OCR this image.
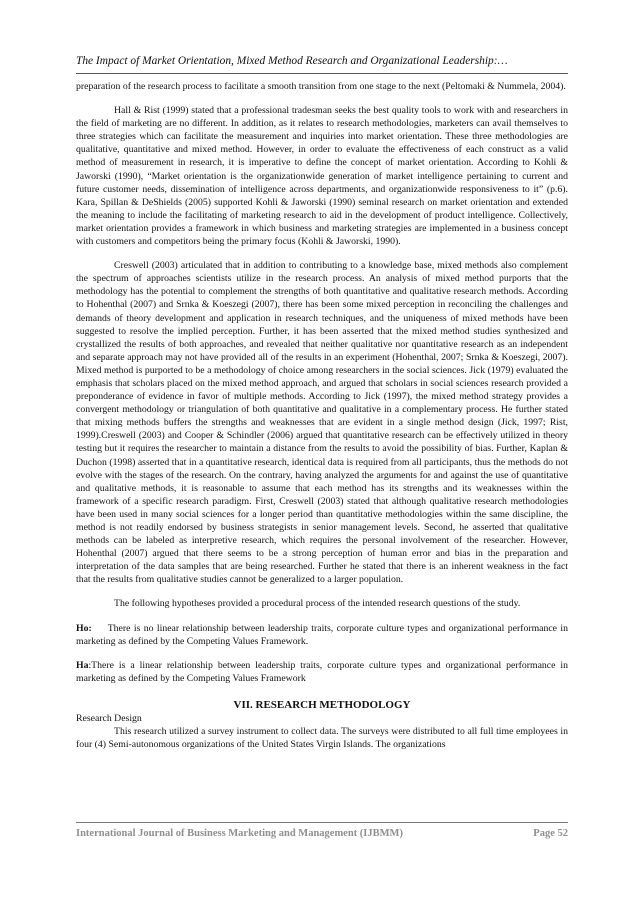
The Impact of Market Orientation, Mixed Method Research and Organizational Leadership:…

preparation of the research process to facilitate a smooth transition from one stage to the next (Peltomaki & Nummela, 2004).

Hall & Rist (1999) stated that a professional tradesman seeks the best quality tools to work with and researchers in the field of marketing are no different. In addition, as it relates to research methodologies, marketers can avail themselves to three strategies which can facilitate the measurement and inquiries into market orientation. These three methodologies are qualitative, quantitative and mixed method. However, in order to evaluate the effectiveness of each construct as a valid method of measurement in research, it is imperative to define the concept of market orientation. According to Kohli & Jaworski (1990), “Market orientation is the organizationwide generation of market intelligence pertaining to current and future customer needs, dissemination of intelligence across departments, and organizationwide responsiveness to it” (p.6). Kara, Spillan & DeShields (2005) supported Kohli & Jaworski (1990) seminal research on market orientation and extended the meaning to include the facilitating of marketing research to aid in the development of product intelligence. Collectively, market orientation provides a framework in which business and marketing strategies are implemented in a business concept with customers and competitors being the primary focus (Kohli & Jaworski, 1990).

Creswell (2003) articulated that in addition to contributing to a knowledge base, mixed methods also complement the spectrum of approaches scientists utilize in the research process. An analysis of mixed method purports that the methodology has the potential to complement the strengths of both quantitative and qualitative research methods. According to Hohenthal (2007) and Srnka & Koeszegi (2007), there has been some mixed perception in reconciling the challenges and demands of theory development and application in research techniques, and the uniqueness of mixed methods have been suggested to resolve the implied perception. Further, it has been asserted that the mixed method studies synthesized and crystallized the results of both approaches, and revealed that neither qualitative nor quantitative research as an independent and separate approach may not have provided all of the results in an experiment (Hohenthal, 2007; Srnka & Koeszegi, 2007). Mixed method is purported to be a methodology of choice among researchers in the social sciences. Jick (1979) evaluated the emphasis that scholars placed on the mixed method approach, and argued that scholars in social sciences research provided a preponderance of evidence in favor of multiple methods. According to Jick (1997), the mixed method strategy provides a convergent methodology or triangulation of both quantitative and qualitative in a complementary process. He further stated that mixing methods buffers the strengths and weaknesses that are evident in a single method design (Jick, 1997; Rist, 1999).Creswell (2003) and Cooper & Schindler (2006) argued that quantitative research can be effectively utilized in theory testing but it requires the researcher to maintain a distance from the results to avoid the possibility of bias. Further, Kaplan & Duchon (1998) asserted that in a quantitative research, identical data is required from all participants, thus the methods do not evolve with the stages of the research. On the contrary, having analyzed the arguments for and against the use of quantitative and qualitative methods, it is reasonable to assume that each method has its strengths and its weaknesses within the framework of a specific research paradigm. First, Creswell (2003) stated that although qualitative research methodologies have been used in many social sciences for a longer period than quantitative methodologies within the same discipline, the method is not readily endorsed by business strategists in senior management levels. Second, he asserted that qualitative methods can be labeled as interpretive research, which requires the personal involvement of the researcher. However, Hohenthal (2007) argued that there seems to be a strong perception of human error and bias in the preparation and interpretation of the data samples that are being researched. Further he stated that there is an inherent weakness in the fact that the results from qualitative studies cannot be generalized to a larger population.

The following hypotheses provided a procedural process of the intended research questions of the study.

Ho: There is no linear relationship between leadership traits, corporate culture types and organizational performance in marketing as defined by the Competing Values Framework.

Ha:There is a linear relationship between leadership traits, corporate culture types and organizational performance in marketing as defined by the Competing Values Framework

VII. RESEARCH METHODOLOGY

Research Design

This research utilized a survey instrument to collect data. The surveys were distributed to all full time employees in four (4) Semi-autonomous organizations of the United States Virgin Islands. The organizations

International Journal of Business Marketing and Management (IJBMM)	Page 52
